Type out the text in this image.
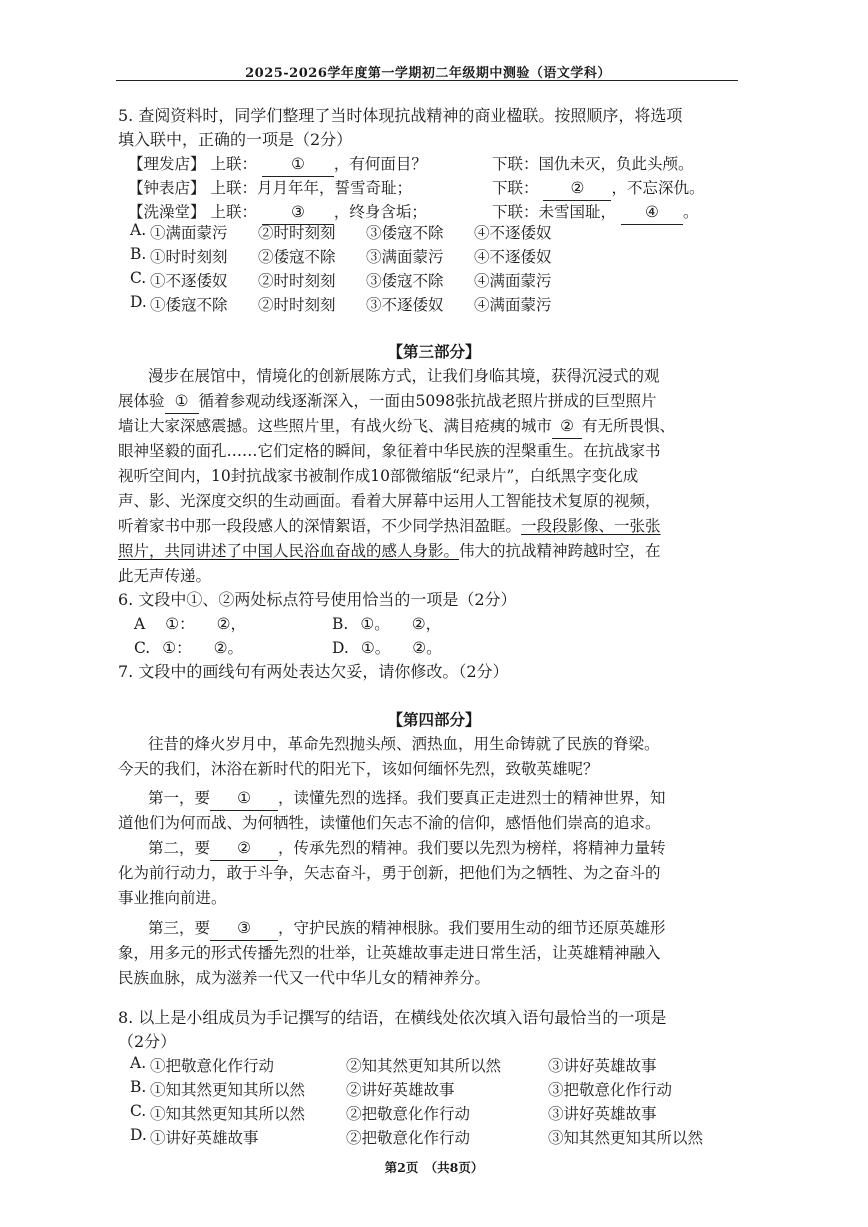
2025-2026学年度第一学期初二年级期中测验（语文学科）
5. 查阅资料时，同学们整理了当时体现抗战精神的商业楹联。按照顺序，将选项
填入联中，正确的一项是（2分）
【理发店】 上联： ① ，有何面目？	下联：国仇未灭，负此头颅。
【钟表店】 上联：月月年年，誓雪奇耻；	下联： ② ，不忘深仇。
【洗澡堂】 上联： ③ ，终身含垢；	下联：未雪国耻， ④ 。
A. ①满面蒙污 ②时时刻刻 ③倭寇不除 ④不逐倭奴
B. ①时时刻刻 ②倭寇不除 ③满面蒙污 ④不逐倭奴
C. ①不逐倭奴 ②时时刻刻 ③倭寇不除 ④满面蒙污
D. ①倭寇不除 ②时时刻刻 ③不逐倭奴 ④满面蒙污
【第三部分】
漫步在展馆中，情境化的创新展陈方式，让我们身临其境，获得沉浸式的观
展体验 ① 循着参观动线逐渐深入，一面由5098张抗战老照片拼成的巨型照片
墙让大家深感震撼。这些照片里，有战火纷飞、满目疮痍的城市 ② 有无所畏惧、
眼神坚毅的面孔……它们定格的瞬间，象征着中华民族的涅槃重生。在抗战家书
视听空间内，10封抗战家书被制作成10部微缩版“纪录片”，白纸黑字变化成
声、影、光深度交织的生动画面。看着大屏幕中运用人工智能技术复原的视频，
听着家书中那一段段感人的深情絮语，不少同学热泪盈眶。一段段影像、一张张
照片，共同讲述了中国人民浴血奋战的感人身影。伟大的抗战精神跨越时空，在
此无声传递。
6. 文段中①、②两处标点符号使用恰当的一项是（2分）
A ①： ②，	B. ①。 ②，
C. ①： ②。	D. ①。 ②。
7. 文段中的画线句有两处表达欠妥，请你修改。（2分）
【第四部分】
往昔的烽火岁月中，革命先烈抛头颅、洒热血，用生命铸就了民族的脊梁。
今天的我们，沐浴在新时代的阳光下，该如何缅怀先烈，致敬英雄呢？
第一，要 ① ，读懂先烈的选择。我们要真正走进烈士的精神世界，知
道他们为何而战、为何牺牲，读懂他们矢志不渝的信仰，感悟他们崇高的追求。
第二，要 ② ，传承先烈的精神。我们要以先烈为榜样，将精神力量转
化为前行动力，敢于斗争，矢志奋斗，勇于创新，把他们为之牺牲、为之奋斗的
事业推向前进。
第三，要 ③ ，守护民族的精神根脉。我们要用生动的细节还原英雄形
象，用多元的形式传播先烈的壮举，让英雄故事走进日常生活，让英雄精神融入
民族血脉，成为滋养一代又一代中华儿女的精神养分。
8. 以上是小组成员为手记撰写的结语，在横线处依次填入语句最恰当的一项是
（2分）
A. ①把敬意化作行动	②知其然更知其所以然	③讲好英雄故事
B. ①知其然更知其所以然	②讲好英雄故事	③把敬意化作行动
C. ①知其然更知其所以然	②把敬意化作行动	③讲好英雄故事
D. ①讲好英雄故事	②把敬意化作行动	③知其然更知其所以然
第2页　（共8页）
